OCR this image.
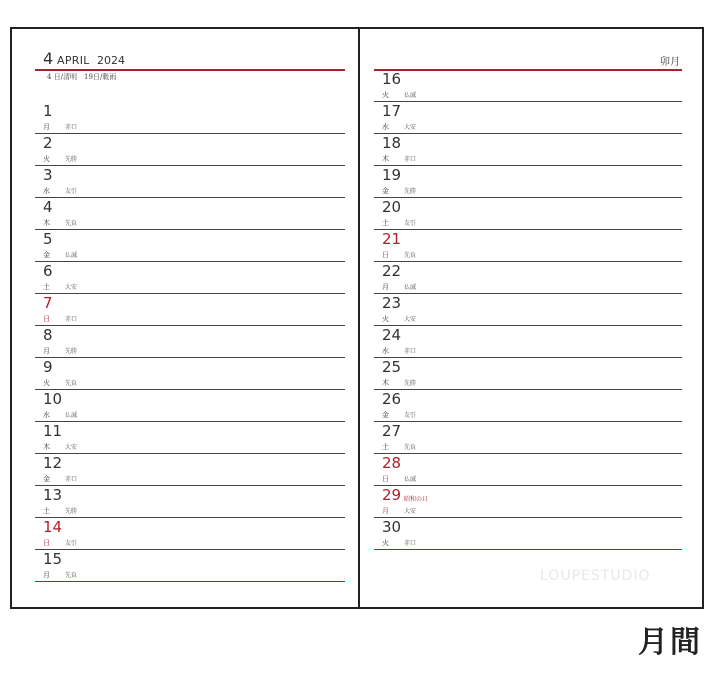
4 APRIL 2024
4 日/清明　19日/穀雨
1
月	赤口
2
火	先勝
3
水	友引
4
木	先負
5
金	仏滅
6
土	大安
7
日	赤口
8
月	先勝
9
火	先負
10
水	仏滅
11
木	大安
12
金	赤口
13
土	先勝
14
日	友引
15
月	先負
卯月
16
火	仏滅
17
水	大安
18
木	赤口
19
金	先勝
20
土	友引
21
日	先負
22
月	仏滅
23
火	大安
24
水	赤口
25
木	先勝
26
金	友引
27
土	先負
28
日	仏滅
29
月	大安
昭和の日
30
火	赤口
LOUPESTUDIO
月間
